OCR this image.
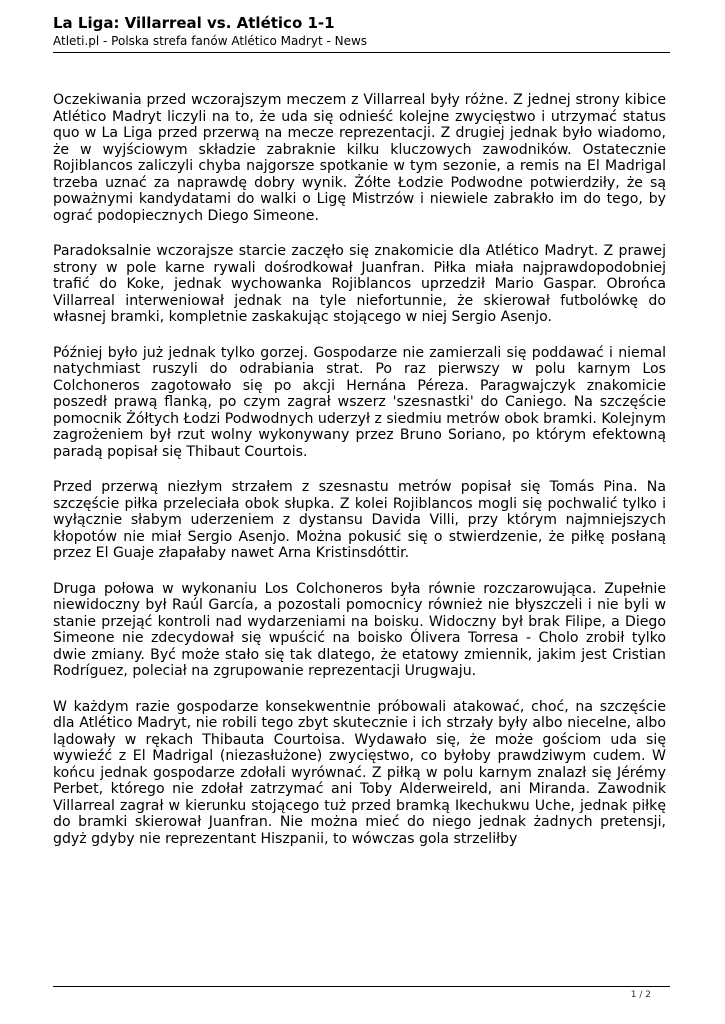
La Liga: Villarreal vs. Atlético 1-1
Atleti.pl - Polska strefa fanów Atlético Madryt - News

Oczekiwania przed wczorajszym meczem z Villarreal były różne. Z jednej strony kibice Atlético Madryt liczyli na to, że uda się odnieść kolejne zwycięstwo i utrzymać status quo w La Liga przed przerwą na mecze reprezentacji. Z drugiej jednak było wiadomo, że w wyjściowym składzie zabraknie kilku kluczowych zawodników. Ostatecznie Rojiblancos zaliczyli chyba najgorsze spotkanie w tym sezonie, a remis na El Madrigal trzeba uznać za naprawdę dobry wynik. Żółte Łodzie Podwodne potwierdziły, że są poważnymi kandydatami do walki o Ligę Mistrzów i niewiele zabrakło im do tego, by ograć podopiecznych Diego Simeone.

Paradoksalnie wczorajsze starcie zaczęło się znakomicie dla Atlético Madryt. Z prawej strony w pole karne rywali dośrodkował Juanfran. Piłka miała najprawdopodobniej trafić do Koke, jednak wychowanka Rojiblancos uprzedził Mario Gaspar. Obrońca Villarreal interweniował jednak na tyle niefortunnie, że skierował futbolówkę do własnej bramki, kompletnie zaskakując stojącego w niej Sergio Asenjo.

Później było już jednak tylko gorzej. Gospodarze nie zamierzali się poddawać i niemal natychmiast ruszyli do odrabiania strat. Po raz pierwszy w polu karnym Los Colchoneros zagotowało się po akcji Hernána Péreza. Paragwajczyk znakomicie poszedł prawą flanką, po czym zagrał wszerz 'szesnastki' do Caniego. Na szczęście pomocnik Żółtych Łodzi Podwodnych uderzył z siedmiu metrów obok bramki. Kolejnym zagrożeniem był rzut wolny wykonywany przez Bruno Soriano, po którym efektowną paradą popisał się Thibaut Courtois.

Przed przerwą niezłym strzałem z szesnastu metrów popisał się Tomás Pina. Na szczęście piłka przeleciała obok słupka. Z kolei Rojiblancos mogli się pochwalić tylko i wyłącznie słabym uderzeniem z dystansu Davida Villi, przy którym najmniejszych kłopotów nie miał Sergio Asenjo. Można pokusić się o stwierdzenie, że piłkę posłaną przez El Guaje złapałaby nawet Arna Kristinsdóttir.

Druga połowa w wykonaniu Los Colchoneros była równie rozczarowująca. Zupełnie niewidoczny był Raúl García, a pozostali pomocnicy również nie błyszczeli i nie byli w stanie przejąć kontroli nad wydarzeniami na boisku. Widoczny był brak Filipe, a Diego Simeone nie zdecydował się wpuścić na boisko Ólivera Torresa - Cholo zrobił tylko dwie zmiany. Być może stało się tak dlatego, że etatowy zmiennik, jakim jest Cristian Rodríguez, poleciał na zgrupowanie reprezentacji Urugwaju.

W każdym razie gospodarze konsekwentnie próbowali atakować, choć, na szczęście dla Atlético Madryt, nie robili tego zbyt skutecznie i ich strzały były albo niecelne, albo lądowały w rękach Thibauta Courtoisa. Wydawało się, że może gościom uda się wywieźć z El Madrigal (niezasłużone) zwycięstwo, co byłoby prawdziwym cudem. W końcu jednak gospodarze zdołali wyrównać. Z piłką w polu karnym znalazł się Jérémy Perbet, którego nie zdołał zatrzymać ani Toby Alderweireld, ani Miranda. Zawodnik Villarreal zagrał w kierunku stojącego tuż przed bramką Ikechukwu Uche, jednak piłkę do bramki skierował Juanfran. Nie można mieć do niego jednak żadnych pretensji, gdyż gdyby nie reprezentant Hiszpanii, to wówczas gola strzeliłby

1 / 2
